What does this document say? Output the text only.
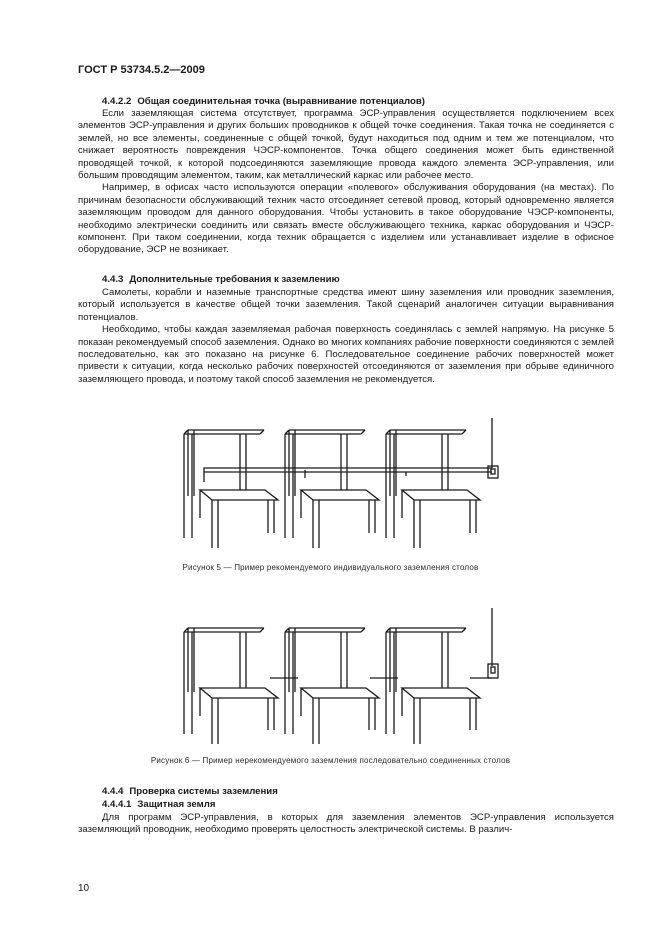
ГОСТ Р 53734.5.2—2009
4.4.2.2 Общая соединительная точка (выравнивание потенциалов)

Если заземляющая система отсутствует, программа ЭСР-управления осуществляется подключением всех элементов ЭСР-управления и других больших проводников к общей точке соединения. Такая точка не соединяется с землей, но все элементы, соединенные с общей точкой, будут находиться под одним и тем же потенциалом, что снижает вероятность повреждения ЧЭСР-компонентов. Точка общего соединения может быть единственной проводящей точкой, к которой подсоединяются заземляющие провода каждого элемента ЭСР-управления, или большим проводящим элементом, таким, как металлический каркас или рабочее место.

Например, в офисах часто используются операции «полевого» обслуживания оборудования (на местах). По причинам безопасности обслуживающий техник часто отсоединяет сетевой провод, который одновременно является заземляющим проводом для данного оборудования. Чтобы установить в такое оборудование ЧЭСР-компоненты, необходимо электрически соединить или связать вместе обслуживающего техника, каркас оборудования и ЧЭСР-компонент. При таком соединении, когда техник обращается с изделием или устанавливает изделие в офисное оборудование, ЭСР не возникает.

4.4.3 Дополнительные требования к заземлению

Самолеты, корабли и наземные транспортные средства имеют шину заземления или проводник заземления, который используется в качестве общей точки заземления. Такой сценарий аналогичен ситуации выравнивания потенциалов.

Необходимо, чтобы каждая заземляемая рабочая поверхность соединялась с землей напрямую. На рисунке 5 показан рекомендуемый способ заземления. Однако во многих компаниях рабочие поверхности соединяются с землей последовательно, как это показано на рисунке 6. Последовательное соединение рабочих поверхностей может привести к ситуации, когда несколько рабочих поверхностей отсоединяются от заземления при обрыве единичного заземляющего провода, и поэтому такой способ заземления не рекомендуется.

Рисунок 5 — Пример рекомендуемого индивидуального заземления столов
Рисунок 6 — Пример нерекомендуемого заземления последовательно соединенных столов
4.4.4 Проверка системы заземления
4.4.4.1 Защитная земля

Для программ ЭСР-управления, в которых для заземления элементов ЭСР-управления используется заземляющий проводник, необходимо проверять целостность электрической системы. В различ-

10
